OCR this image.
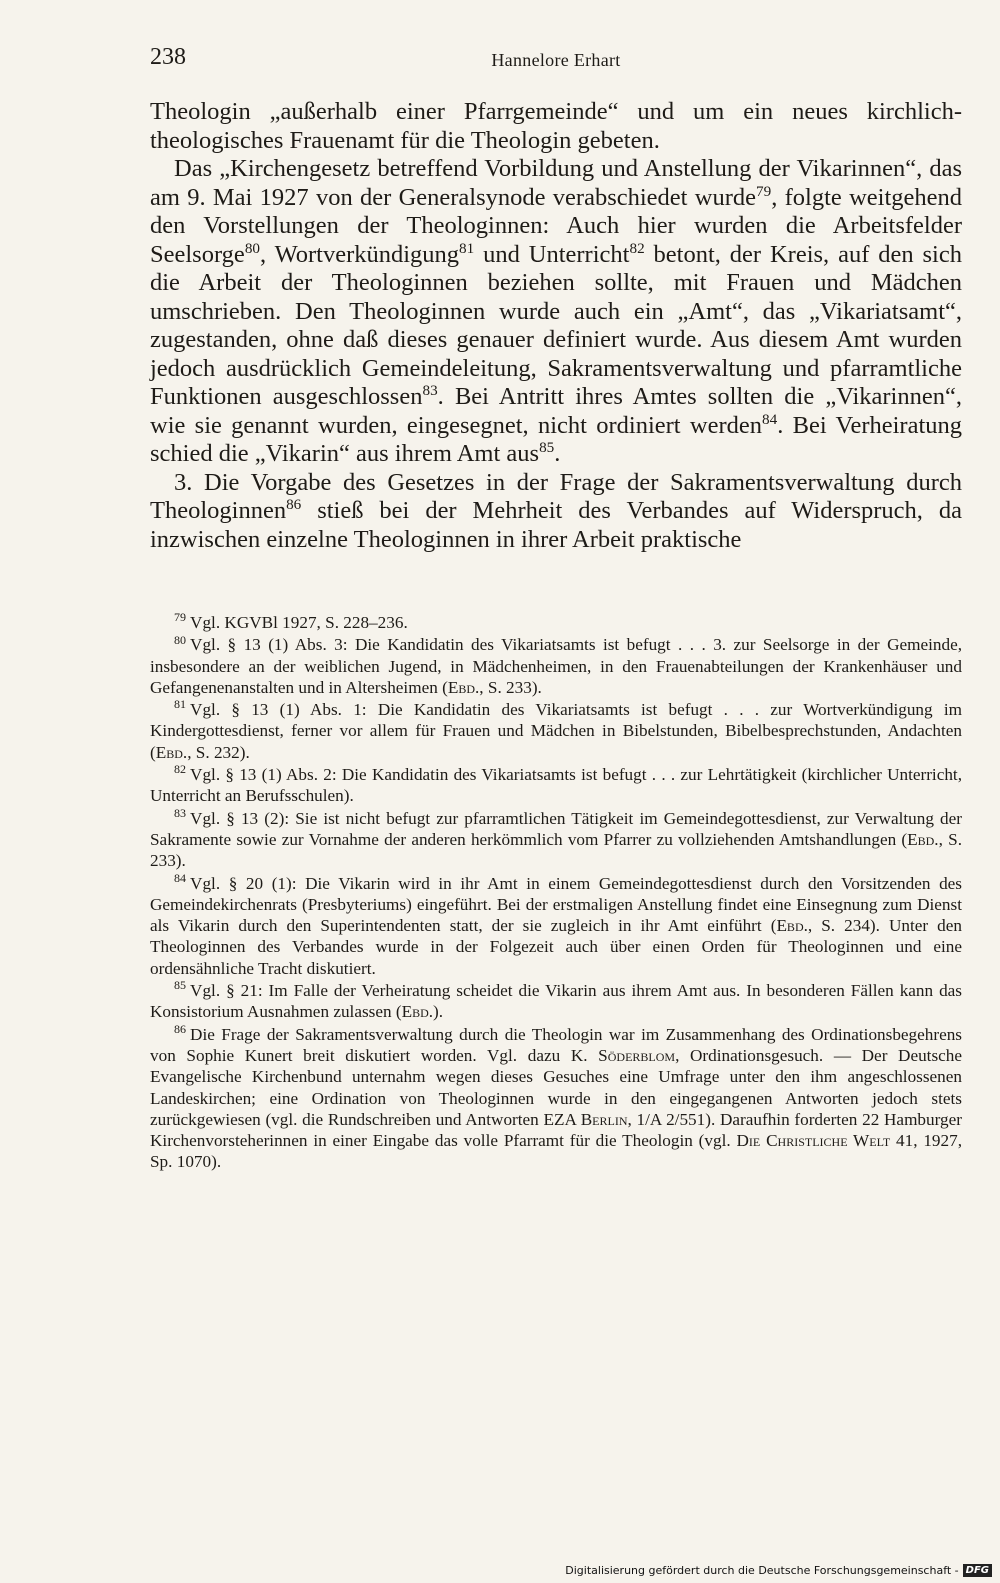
238	Hannelore Erhart

Theologin „außerhalb einer Pfarrgemeinde“ und um ein neues kirchlich-theologisches Frauenamt für die Theologin gebeten.

Das „Kirchengesetz betreffend Vorbildung und Anstellung der Vikarinnen“, das am 9. Mai 1927 von der Generalsynode verabschiedet wurde$^{79}$, folgte weitgehend den Vorstellungen der Theologinnen: Auch hier wurden die Arbeitsfelder Seelsorge$^{80}$, Wortverkündigung$^{81}$ und Unterricht$^{82}$ betont, der Kreis, auf den sich die Arbeit der Theologinnen beziehen sollte, mit Frauen und Mädchen umschrieben. Den Theologinnen wurde auch ein „Amt“, das „Vikariatsamt“, zugestanden, ohne daß dieses genauer definiert wurde. Aus diesem Amt wurden jedoch ausdrücklich Gemeindeleitung, Sakramentsverwaltung und pfarramtliche Funktionen ausgeschlossen$^{83}$. Bei Antritt ihres Amtes sollten die „Vikarinnen“, wie sie genannt wurden, eingesegnet, nicht ordiniert werden$^{84}$. Bei Verheiratung schied die „Vikarin“ aus ihrem Amt aus$^{85}$.

3. Die Vorgabe des Gesetzes in der Frage der Sakramentsverwaltung durch Theologinnen$^{86}$ stieß bei der Mehrheit des Verbandes auf Widerspruch, da inzwischen einzelne Theologinnen in ihrer Arbeit praktische

$^{79}$ Vgl. KGVBl 1927, S. 228–236.

$^{80}$ Vgl. § 13 (1) Abs. 3: Die Kandidatin des Vikariatsamts ist befugt . . . 3. zur Seelsorge in der Gemeinde, insbesondere an der weiblichen Jugend, in Mädchenheimen, in den Frauenabteilungen der Krankenhäuser und Gefangenenanstalten und in Altersheimen (Ebd., S. 233).

$^{81}$ Vgl. § 13 (1) Abs. 1: Die Kandidatin des Vikariatsamts ist befugt . . . zur Wortverkündigung im Kindergottesdienst, ferner vor allem für Frauen und Mädchen in Bibelstunden, Bibelbesprechstunden, Andachten (Ebd., S. 232).

$^{82}$ Vgl. § 13 (1) Abs. 2: Die Kandidatin des Vikariatsamts ist befugt . . . zur Lehrtätigkeit (kirchlicher Unterricht, Unterricht an Berufsschulen).

$^{83}$ Vgl. § 13 (2): Sie ist nicht befugt zur pfarramtlichen Tätigkeit im Gemeindegottesdienst, zur Verwaltung der Sakramente sowie zur Vornahme der anderen herkömmlich vom Pfarrer zu vollziehenden Amtshandlungen (Ebd., S. 233).

$^{84}$ Vgl. § 20 (1): Die Vikarin wird in ihr Amt in einem Gemeindegottesdienst durch den Vorsitzenden des Gemeindekirchenrats (Presbyteriums) eingeführt. Bei der erstmaligen Anstellung findet eine Einsegnung zum Dienst als Vikarin durch den Superintendenten statt, der sie zugleich in ihr Amt einführt (Ebd., S. 234). Unter den Theologinnen des Verbandes wurde in der Folgezeit auch über einen Orden für Theologinnen und eine ordensähnliche Tracht diskutiert.

$^{85}$ Vgl. § 21: Im Falle der Verheiratung scheidet die Vikarin aus ihrem Amt aus. In besonderen Fällen kann das Konsistorium Ausnahmen zulassen (Ebd.).

$^{86}$ Die Frage der Sakramentsverwaltung durch die Theologin war im Zusammenhang des Ordinationsbegehrens von Sophie Kunert breit diskutiert worden. Vgl. dazu K. Söderblom, Ordinationsgesuch. — Der Deutsche Evangelische Kirchenbund unternahm wegen dieses Gesuches eine Umfrage unter den ihm angeschlossenen Landeskirchen; eine Ordination von Theologinnen wurde in den eingegangenen Antworten jedoch stets zurückgewiesen (vgl. die Rundschreiben und Antworten EZA Berlin, 1/A 2/551). Daraufhin forderten 22 Hamburger Kirchenvorsteherinnen in einer Eingabe das volle Pfarramt für die Theologin (vgl. Die Christliche Welt 41, 1927, Sp. 1070).

Digitalisierung gefördert durch die Deutsche Forschungsgemeinschaft - DFG
